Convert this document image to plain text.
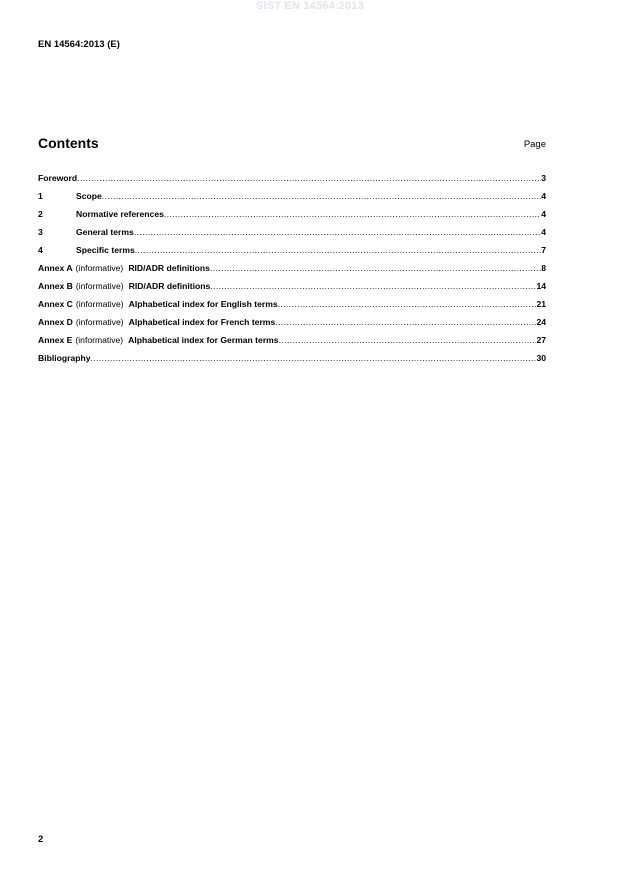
SIST EN 14564:2013
EN 14564:2013 (E)
Contents	Page
Foreword .....	3
1	Scope .....	4
2	Normative references .....	4
3	General terms .....	4
4	Specific terms .....	7
Annex A (informative) RID/ADR definitions .....	8
Annex B (informative) RID/ADR definitions .....	14
Annex C (informative) Alphabetical index for English terms .....	21
Annex D (informative) Alphabetical index for French terms .....	24
Annex E (informative) Alphabetical index for German terms .....	27
Bibliography .....	30
2
